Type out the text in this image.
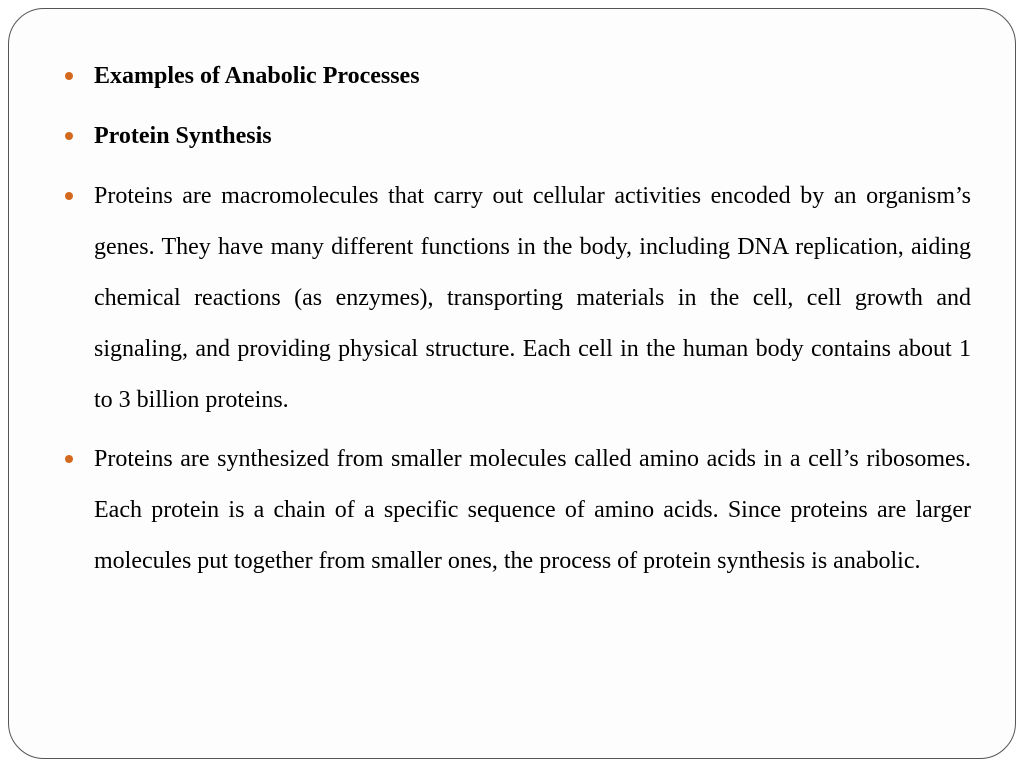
Examples of Anabolic Processes
Protein Synthesis
Proteins are macromolecules that carry out cellular activities encoded by an organism’s genes. They have many different functions in the body, including DNA replication, aiding chemical reactions (as enzymes), transporting materials in the cell, cell growth and signaling, and providing physical structure. Each cell in the human body contains about 1 to 3 billion proteins.
Proteins are synthesized from smaller molecules called amino acids in a cell’s ribosomes. Each protein is a chain of a specific sequence of amino acids. Since proteins are larger molecules put together from smaller ones, the process of protein synthesis is anabolic.
